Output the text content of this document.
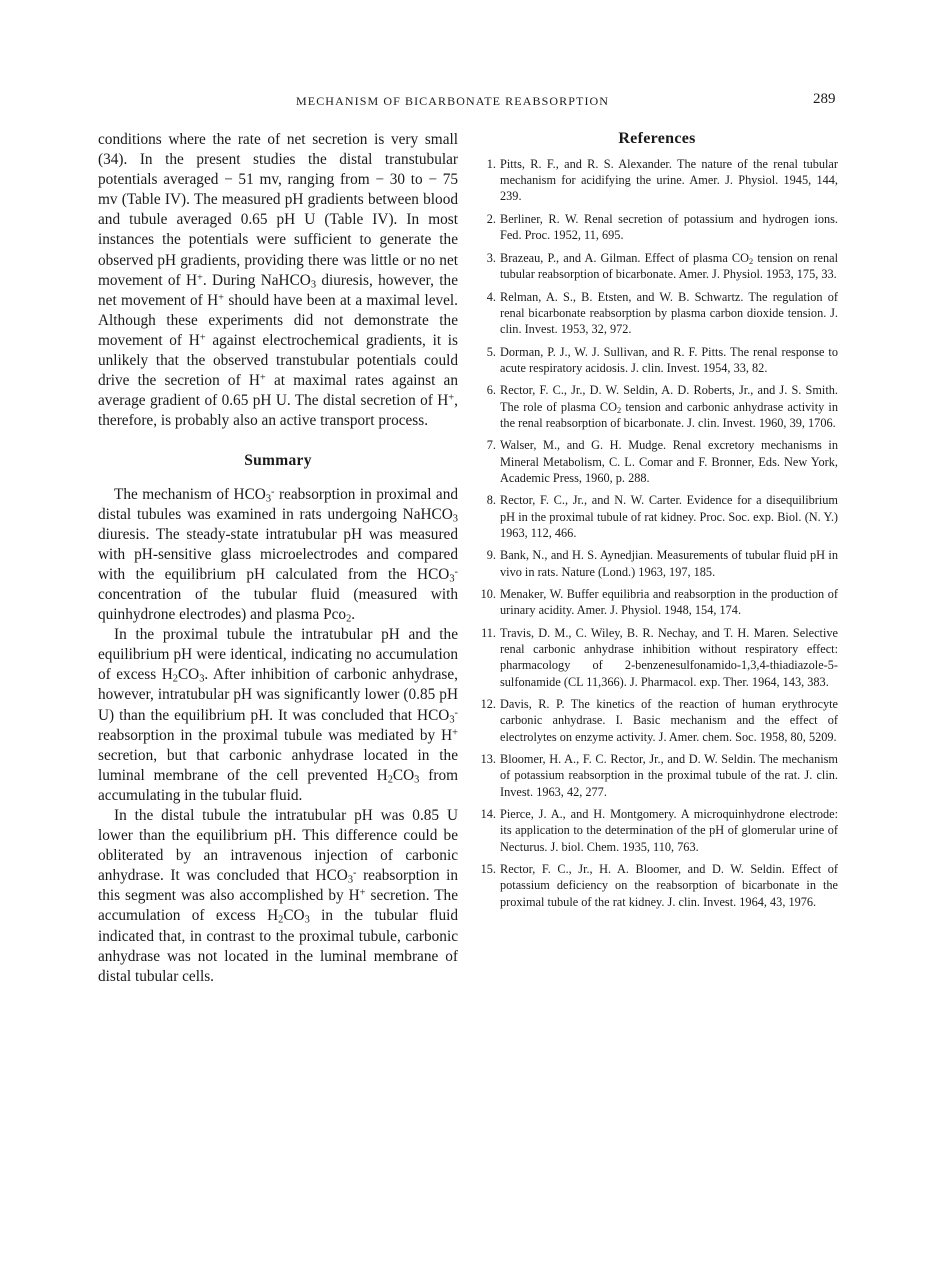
MECHANISM OF BICARBONATE REABSORPTION	289

conditions where the rate of net secretion is very small (34). In the present studies the distal transtubular potentials averaged − 51 mv, ranging from − 30 to − 75 mv (Table IV). The measured pH gradients between blood and tubule averaged 0.65 pH U (Table IV). In most instances the potentials were sufficient to generate the observed pH gradients, providing there was little or no net movement of H+. During NaHCO$_3$ diuresis, however, the net movement of H+ should have been at a maximal level. Although these experiments did not demonstrate the movement of H+ against electrochemical gradients, it is unlikely that the observed transtubular potentials could drive the secretion of H+ at maximal rates against an average gradient of 0.65 pH U. The distal secretion of H+, therefore, is probably also an active transport process.

Summary

The mechanism of $HCO_3^-$ reabsorption in proximal and distal tubules was examined in rats undergoing NaHCO$_3$ diuresis. The steady-state intratubular pH was measured with pH-sensitive glass microelectrodes and compared with the equilibrium pH calculated from the $HCO_3^-$ concentration of the tubular fluid (measured with quinhydrone electrodes) and plasma Pco$_2$.

In the proximal tubule the intratubular pH and the equilibrium pH were identical, indicating no accumulation of excess $H_2CO_3$. After inhibition of carbonic anhydrase, however, intratubular pH was significantly lower (0.85 pH U) than the equilibrium pH. It was concluded that $HCO_3^-$ reabsorption in the proximal tubule was mediated by H+ secretion, but that carbonic anhydrase located in the luminal membrane of the cell prevented $H_2CO_3$ from accumulating in the tubular fluid.

In the distal tubule the intratubular pH was 0.85 U lower than the equilibrium pH. This difference could be obliterated by an intravenous injection of carbonic anhydrase. It was concluded that $HCO_3^-$ reabsorption in this segment was also accomplished by H+ secretion. The accumulation of excess $H_2CO_3$ in the tubular fluid indicated that, in contrast to the proximal tubule, carbonic anhydrase was not located in the luminal membrane of distal tubular cells.

References
1. Pitts, R. F., and R. S. Alexander. The nature of the renal tubular mechanism for acidifying the urine. Amer. J. Physiol. 1945, 144, 239.
2. Berliner, R. W. Renal secretion of potassium and hydrogen ions. Fed. Proc. 1952, 11, 695.
3. Brazeau, P., and A. Gilman. Effect of plasma $CO_2$ tension on renal tubular reabsorption of bicarbonate. Amer. J. Physiol. 1953, 175, 33.
4. Relman, A. S., B. Etsten, and W. B. Schwartz. The regulation of renal bicarbonate reabsorption by plasma carbon dioxide tension. J. clin. Invest. 1953, 32, 972.
5. Dorman, P. J., W. J. Sullivan, and R. F. Pitts. The renal response to acute respiratory acidosis. J. clin. Invest. 1954, 33, 82.
6. Rector, F. C., Jr., D. W. Seldin, A. D. Roberts, Jr., and J. S. Smith. The role of plasma $CO_2$ tension and carbonic anhydrase activity in the renal reabsorption of bicarbonate. J. clin. Invest. 1960, 39, 1706.
7. Walser, M., and G. H. Mudge. Renal excretory mechanisms in Mineral Metabolism, C. L. Comar and F. Bronner, Eds. New York, Academic Press, 1960, p. 288.
8. Rector, F. C., Jr., and N. W. Carter. Evidence for a disequilibrium pH in the proximal tubule of rat kidney. Proc. Soc. exp. Biol. (N. Y.) 1963, 112, 466.
9. Bank, N., and H. S. Aynedjian. Measurements of tubular fluid pH in vivo in rats. Nature (Lond.) 1963, 197, 185.
10. Menaker, W. Buffer equilibria and reabsorption in the production of urinary acidity. Amer. J. Physiol. 1948, 154, 174.
11. Travis, D. M., C. Wiley, B. R. Nechay, and T. H. Maren. Selective renal carbonic anhydrase inhibition without respiratory effect: pharmacology of 2-benzenesulfonamido-1,3,4-thiadiazole-5-sulfonamide (CL 11,366). J. Pharmacol. exp. Ther. 1964, 143, 383.
12. Davis, R. P. The kinetics of the reaction of human erythrocyte carbonic anhydrase. I. Basic mechanism and the effect of electrolytes on enzyme activity. J. Amer. chem. Soc. 1958, 80, 5209.
13. Bloomer, H. A., F. C. Rector, Jr., and D. W. Seldin. The mechanism of potassium reabsorption in the proximal tubule of the rat. J. clin. Invest. 1963, 42, 277.
14. Pierce, J. A., and H. Montgomery. A microquinhydrone electrode: its application to the determination of the pH of glomerular urine of Necturus. J. biol. Chem. 1935, 110, 763.
15. Rector, F. C., Jr., H. A. Bloomer, and D. W. Seldin. Effect of potassium deficiency on the reabsorption of bicarbonate in the proximal tubule of the rat kidney. J. clin. Invest. 1964, 43, 1976.
